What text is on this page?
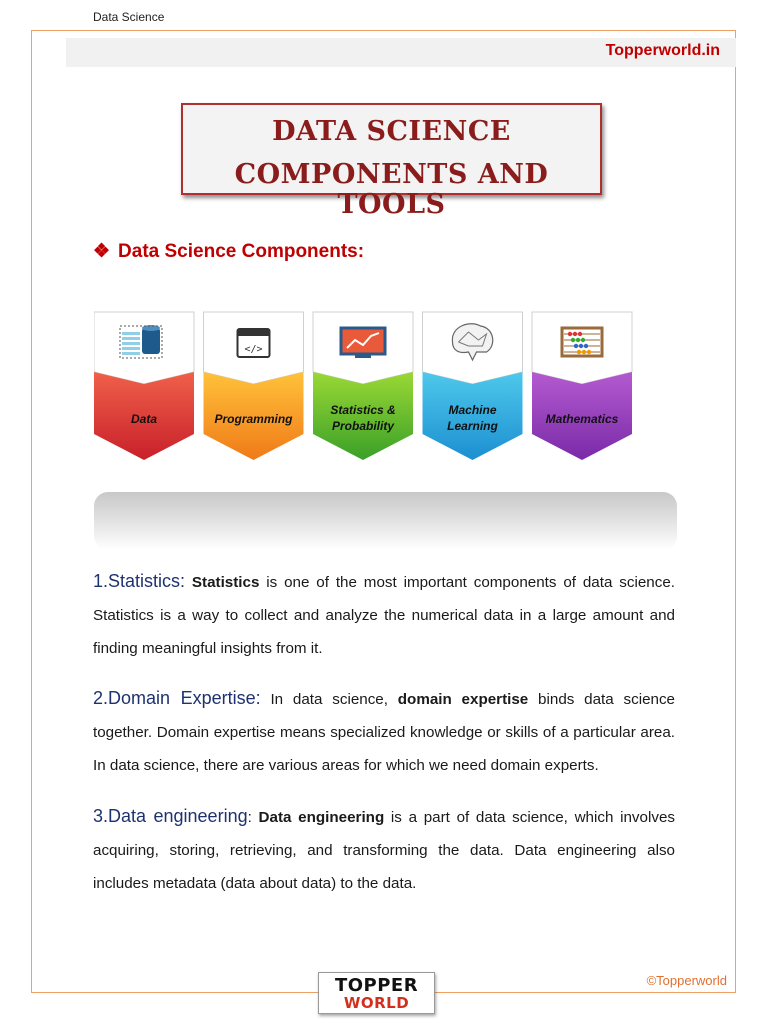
Data Science
Topperworld.in
DATA SCIENCE
COMPONENTS AND TOOLS
❖ Data Science Components:
Data
</>
Programming
Statistics &
Probability
Machine
Learning	Mathematics
1.Statistics: Statistics is one of the most important components of data science. Statistics is a way to collect and analyze the numerical data in a large amount and finding meaningful insights from it.
2.Domain Expertise: In data science, domain expertise binds data science together. Domain expertise means specialized knowledge or skills of a particular area. In data science, there are various areas for which we need domain experts.
3.Data engineering: Data engineering is a part of data science, which involves acquiring, storing, retrieving, and transforming the data. Data engineering also includes metadata (data about data) to the data.
TOPPER
WORLD
©Topperworld
